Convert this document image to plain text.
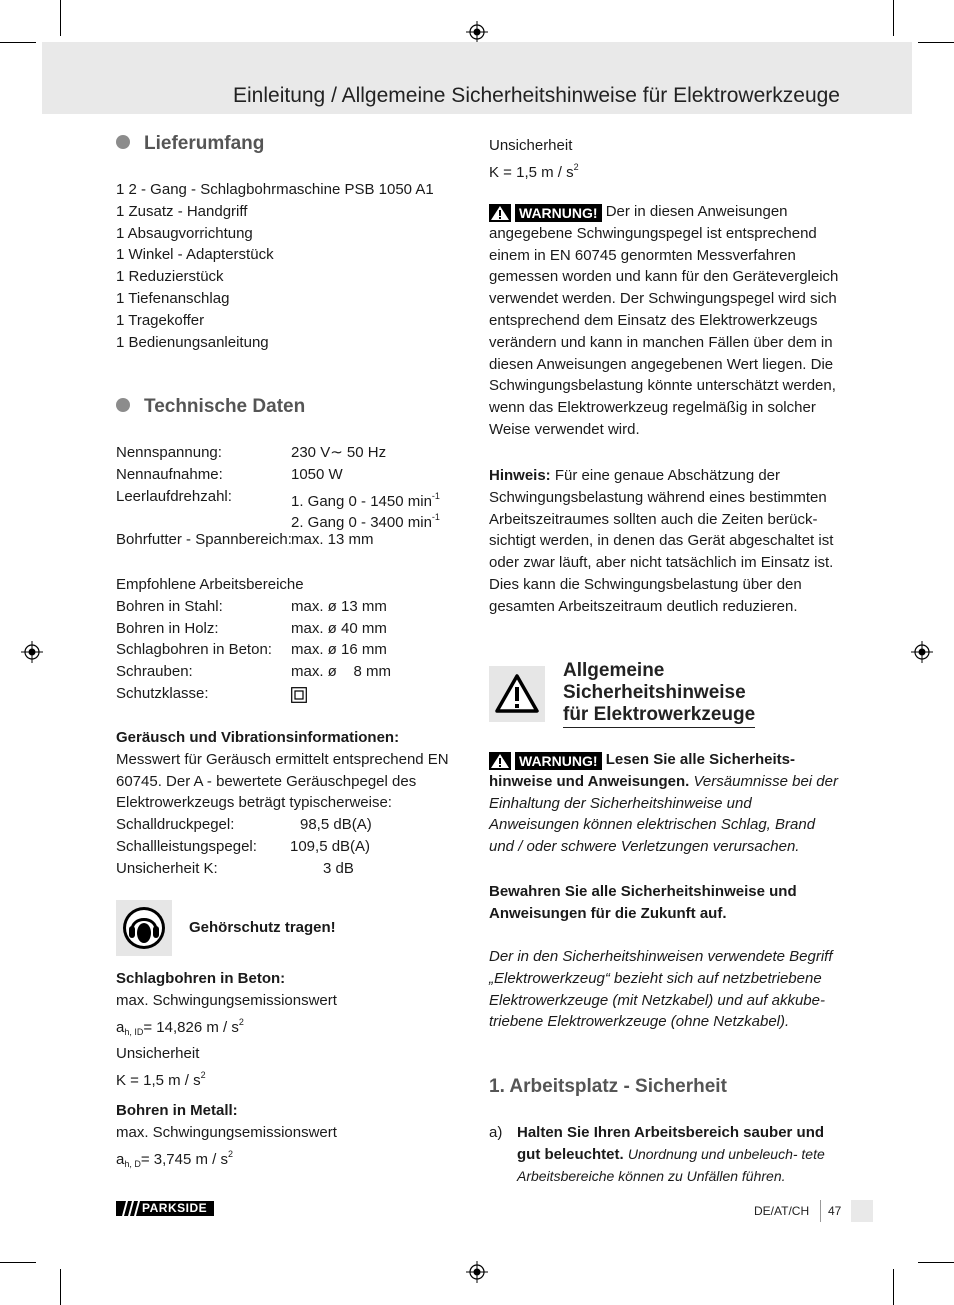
Einleitung / Allgemeine Sicherheitshinweise für Elektrowerkzeuge
Lieferumfang
1 2 - Gang - Schlagbohrmaschine PSB 1050 A1
1 Zusatz - Handgriff
1 Absaugvorrichtung
1 Winkel - Adapterstück
1 Reduzierstück
1 Tiefenanschlag
1 Tragekoffer
1 Bedienungsanleitung
Technische Daten
Nennspannung:	230 V∼ 50 Hz
Nennaufnahme:	1050 W
Leerlaufdrehzahl:	1. Gang 0 - 1450 $\min^{-1}$
2. Gang 0 - 3400 $\min^{-1}$
Bohrfutter - Spannbereich: max. 13 mm
Empfohlene Arbeitsbereiche
Bohren in Stahl:	max. ø 13 mm
Bohren in Holz:	max. ø 40 mm
Schlagbohren in Beton: max. ø 16 mm
Schrauben:	max. ø    8 mm
Schutzklasse:
Geräusch und Vibrationsinformationen:
Messwert für Geräusch ermittelt entsprechend EN 60745. Der A - bewertete Geräuschpegel des Elektrowerkzeugs beträgt typischerweise:
Schalldruckpegel:	98,5 dB(A)
Schallleistungspegel: 109,5 dB(A)
Unsicherheit K:	3 dB
Gehörschutz tragen!
Schlagbohren in Beton:
max. Schwingungsemissionswert
$a_{h, ID}= 14,826$ m / $s^2$
Unsicherheit
K = 1,5 m / $s^2$
Bohren in Metall:
max. Schwingungsemissionswert
$a_{h, D}= 3,745$ m / $s^2$
Unsicherheit
K = 1,5 m / $s^2$
WARNUNG! Der in diesen Anweisungen angegebene Schwingungspegel ist entsprechend einem in EN 60745 genormten Messverfahren gemessen worden und kann für den Gerätevergleich verwendet werden. Der Schwingungspegel wird sich entsprechend dem Einsatz des Elektrowerkzeugs verändern und kann in manchen Fällen über dem in diesen Anweisungen angegebenen Wert liegen. Die Schwingungsbelastung könnte unterschätzt werden, wenn das Elektrowerkzeug regelmäßig in solcher Weise verwendet wird.
Hinweis: Für eine genaue Abschätzung der Schwingungsbelastung während eines bestimmten Arbeitszeitraumes sollten auch die Zeiten berück- sichtigt werden, in denen das Gerät abgeschaltet ist oder zwar läuft, aber nicht tatsächlich im Einsatz ist. Dies kann die Schwingungsbelastung über den gesamten Arbeitszeitraum deutlich reduzieren.
Allgemeine
Sicherheitshinweise
für Elektrowerkzeuge
WARNUNG! Lesen Sie alle Sicherheits- hinweise und Anweisungen. Versäumnisse bei der Einhaltung der Sicherheitshinweise und Anweisungen können elektrischen Schlag, Brand und / oder schwere Verletzungen verursachen.
Bewahren Sie alle Sicherheitshinweise und Anweisungen für die Zukunft auf.
Der in den Sicherheitshinweisen verwendete Begriff „Elektrowerkzeug“ bezieht sich auf netzbetriebene Elektrowerkzeuge (mit Netzkabel) und auf akkube- triebene Elektrowerkzeuge (ohne Netzkabel).
1. Arbeitsplatz - Sicherheit
a) Halten Sie Ihren Arbeitsbereich sauber und gut beleuchtet. Unordnung und unbeleuch- tete Arbeitsbereiche können zu Unfällen führen.
PARKSIDE	DE/AT/CH 47
